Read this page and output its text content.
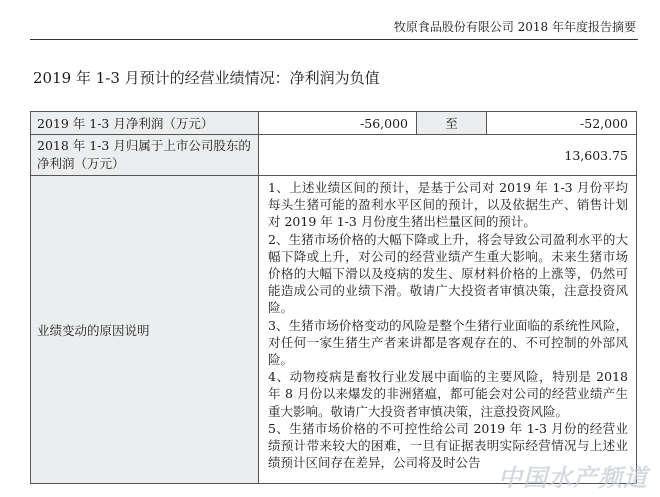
牧原食品股份有限公司 2018 年年度报告摘要
2019 年 1-3 月预计的经营业绩情况：净利润为负值
2019 年 1-3 月净利润（万元）	-56,000	至	-52,000
2018 年 1-3 月归属于上市公司股东的净利润（万元）	13,603.75		
业绩变动的原因说明	1、上述业绩区间的预计，是基于公司对 2019 年 1-3 月份平均每头生猪可能的盈利水平区间的预计，以及依据生产、销售计划对 2019 年 1-3 月份度生猪出栏量区间的预计。

2、生猪市场价格的大幅下降或上升，将会导致公司盈利水平的大幅下降或上升，对公司的经营业绩产生重大影响。未来生猪市场价格的大幅下滑以及疫病的发生、原材料价格的上涨等，仍然可能造成公司的业绩下滑。敬请广大投资者审慎决策，注意投资风险。

3、生猪市场价格变动的风险是整个生猪行业面临的系统性风险，对任何一家生猪生产者来讲都是客观存在的、不可控制的外部风险。

4、动物疫病是畜牧行业发展中面临的主要风险，特别是 2018 年 8 月份以来爆发的非洲猪瘟，都可能会对公司的经营业绩产生重大影响。敬请广大投资者审慎决策，注意投资风险。

5、生猪市场价格的不可控性给公司 2019 年 1-3 月份的经营业绩预计带来较大的困难，一旦有证据表明实际经营情况与上述业绩预计区间存在差异，公司将及时公告		

中国水产频道
